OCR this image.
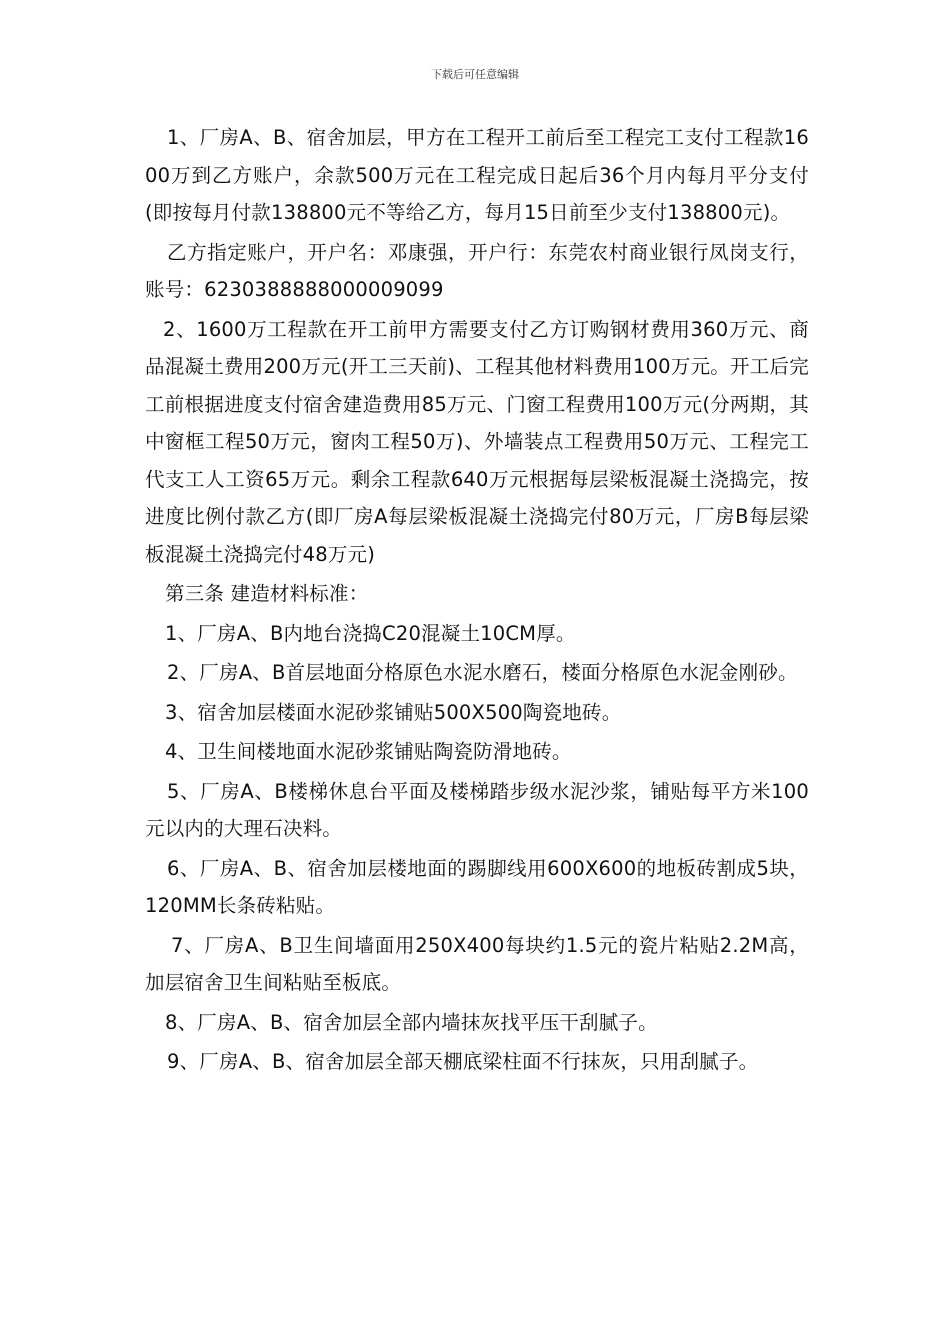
下载后可任意编辑

1、厂房A、B、宿舍加层，甲方在工程开工前后至工程完工支付工程款1600万到乙方账户，余款500万元在工程完成日起后36个月内每月平分支付(即按每月付款138800元不等给乙方，每月15日前至少支付138800元)。

乙方指定账户，开户名：邓康强，开户行：东莞农村商业银行凤岗支行，账号：6230388888000009099

2、1600万工程款在开工前甲方需要支付乙方订购钢材费用360万元、商品混凝土费用200万元(开工三天前)、工程其他材料费用100万元。开工后完工前根据进度支付宿舍建造费用85万元、门窗工程费用100万元(分两期，其中窗框工程50万元，窗肉工程50万)、外墙装点工程费用50万元、工程完工代支工人工资65万元。剩余工程款640万元根据每层梁板混凝土浇捣完，按进度比例付款乙方(即厂房A每层梁板混凝土浇捣完付80万元，厂房B每层梁板混凝土浇捣完付48万元)

第三条 建造材料标准：

1、厂房A、B内地台浇捣C20混凝土10CM厚。

2、厂房A、B首层地面分格原色水泥水磨石，楼面分格原色水泥金刚砂。

3、宿舍加层楼面水泥砂浆铺贴500X500陶瓷地砖。

4、卫生间楼地面水泥砂浆铺贴陶瓷防滑地砖。

5、厂房A、B楼梯休息台平面及楼梯踏步级水泥沙浆，铺贴每平方米100元以内的大理石决料。

6、厂房A、B、宿舍加层楼地面的踢脚线用600X600的地板砖割成5块，120MM长条砖粘贴。

7、厂房A、B卫生间墙面用250X400每块约1.5元的瓷片粘贴2.2M高，加层宿舍卫生间粘贴至板底。

8、厂房A、B、宿舍加层全部内墙抹灰找平压干刮腻子。

9、厂房A、B、宿舍加层全部天棚底梁柱面不行抹灰，只用刮腻子。
